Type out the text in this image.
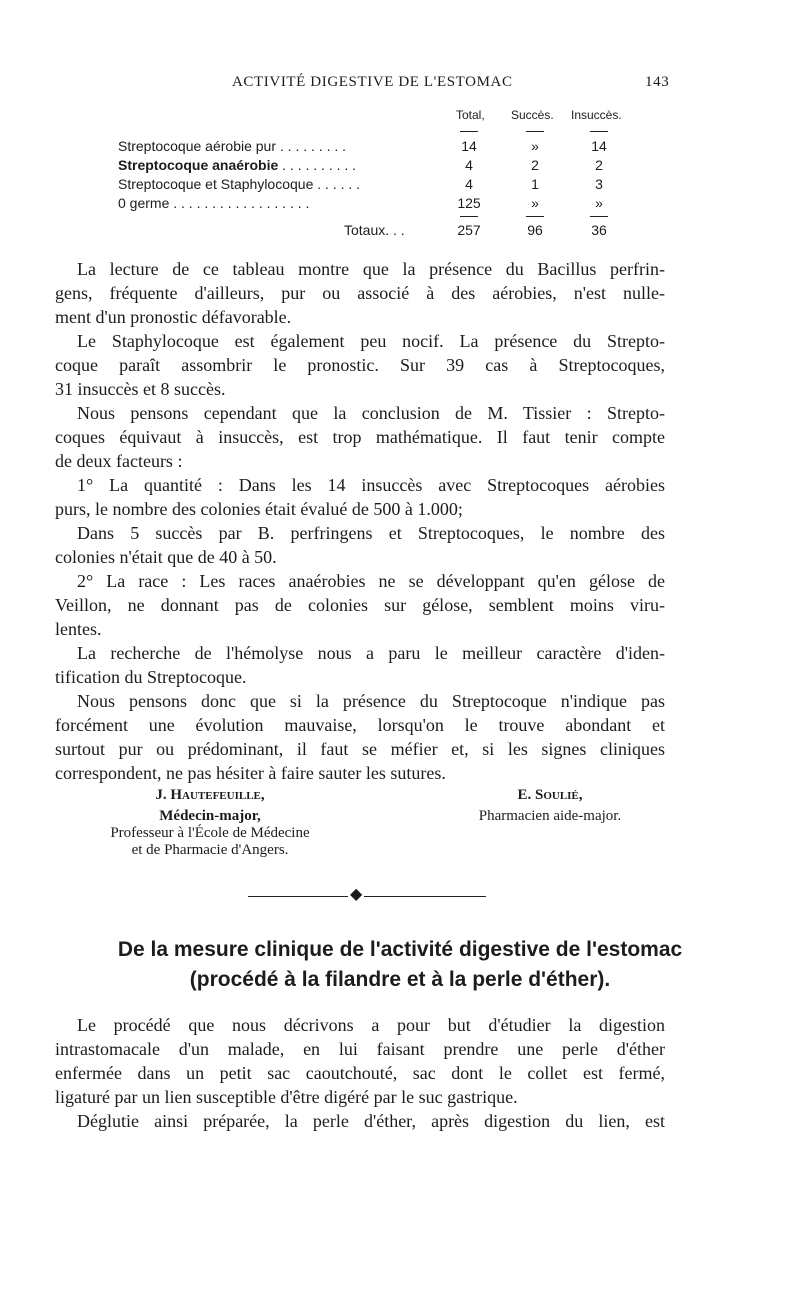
ACTIVITÉ DIGESTIVE DE L'ESTOMAC	143
Total, Succès. Insuccès.
Streptocoque aérobie pur . . . . . . . . .	14	»	14
Streptocoque anaérobie . . . . . . . . . .	4	2	2
Streptocoque et Staphylocoque . . . . . .	4	1	3
0 germe . . . . . . . . . . . . . . . . . .	125	»	»
Totaux. . .	257	96	36
La lecture de ce tableau montre que la présence du Bacillus perfrin-
gens, fréquente d'ailleurs, pur ou associé à des aérobies, n'est nulle-
ment d'un pronostic défavorable.
Le Staphylocoque est également peu nocif. La présence du Strepto-
coque paraît assombrir le pronostic. Sur 39 cas à Streptocoques,
31 insuccès et 8 succès.
Nous pensons cependant que la conclusion de M. Tissier : Strepto-
coques équivaut à insuccès, est trop mathématique. Il faut tenir compte
de deux facteurs :
1° La quantité : Dans les 14 insuccès avec Streptocoques aérobies
purs, le nombre des colonies était évalué de 500 à 1.000;
Dans 5 succès par B. perfringens et Streptocoques, le nombre des
colonies n'était que de 40 à 50.
2° La race : Les races anaérobies ne se développant qu'en gélose de
Veillon, ne donnant pas de colonies sur gélose, semblent moins viru-
lentes.
La recherche de l'hémolyse nous a paru le meilleur caractère d'iden-
tification du Streptocoque.
Nous pensons donc que si la présence du Streptocoque n'indique pas
forcément une évolution mauvaise, lorsqu'on le trouve abondant et
surtout pur ou prédominant, il faut se méfier et, si les signes cliniques
correspondent, ne pas hésiter à faire sauter les sutures.
J. Hautefeuille,
Médecin-major,
Professeur à l'École de Médecine
et de Pharmacie d'Angers.
E. Soulié,
Pharmacien aide-major.
◆
De la mesure clinique de l'activité digestive de l'estomac
(procédé à la filandre et à la perle d'éther).
Le procédé que nous décrivons a pour but d'étudier la digestion
intrastomacale d'un malade, en lui faisant prendre une perle d'éther
enfermée dans un petit sac caoutchouté, sac dont le collet est fermé,
ligaturé par un lien susceptible d'être digéré par le suc gastrique.
Déglutie ainsi préparée, la perle d'éther, après digestion du lien, est
